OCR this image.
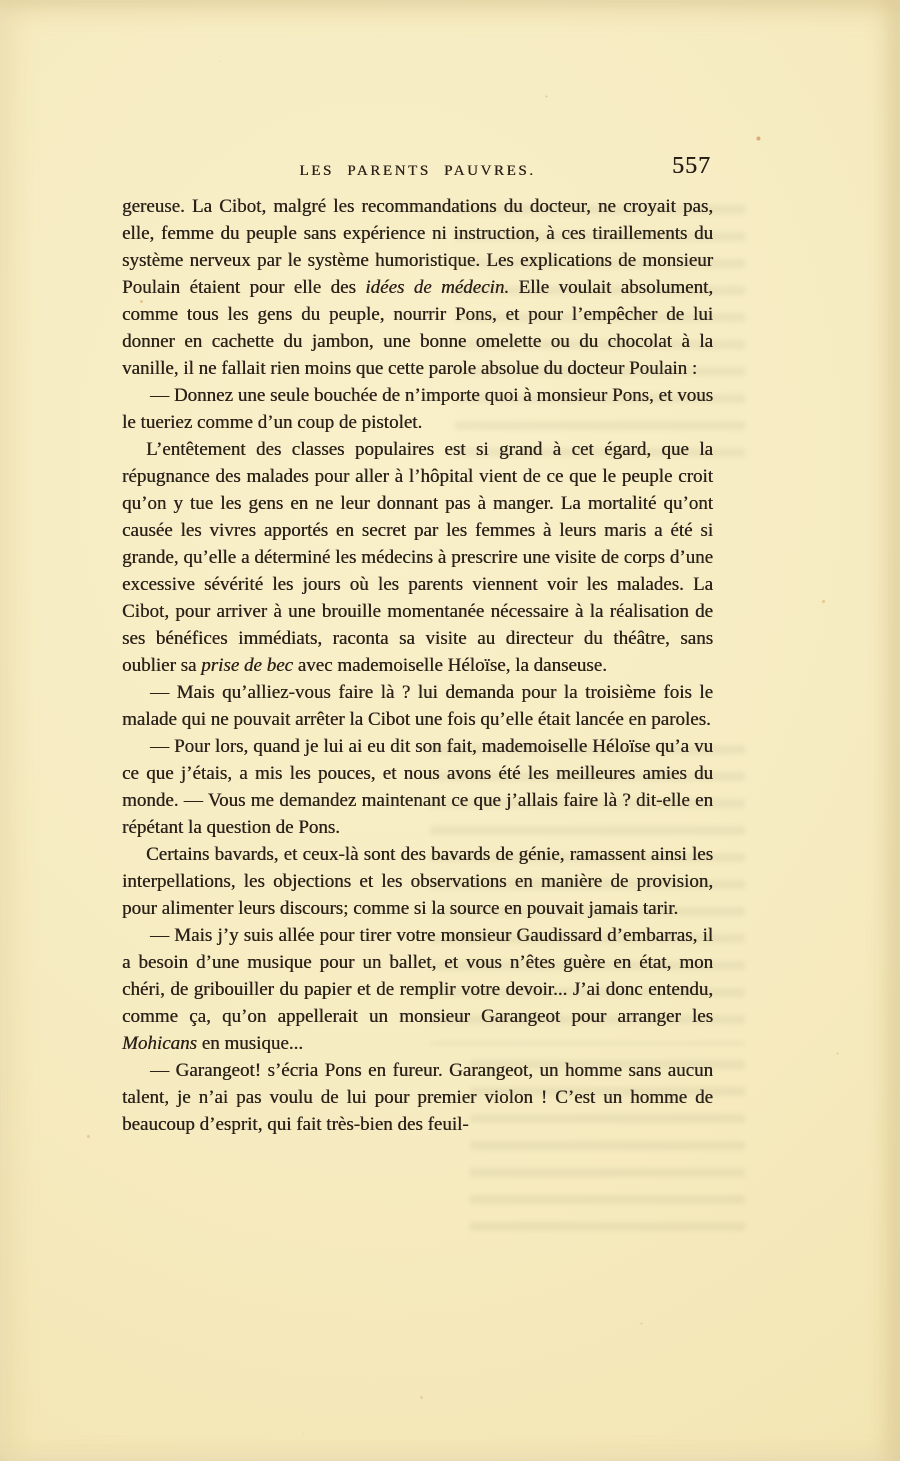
LES PARENTS PAUVRES.	557

gereuse. La Cibot, malgré les recommandations du docteur, ne croyait pas, elle, femme du peuple sans expérience ni instruction, à ces tiraillements du système nerveux par le système humoristique. Les explications de monsieur Poulain étaient pour elle des idées de médecin. Elle voulait absolument, comme tous les gens du peuple, nourrir Pons, et pour l’empêcher de lui donner en cachette du jambon, une bonne omelette ou du chocolat à la vanille, il ne fallait rien moins que cette parole absolue du docteur Poulain :

— Donnez une seule bouchée de n’importe quoi à monsieur Pons, et vous le tueriez comme d’un coup de pistolet.

L’entêtement des classes populaires est si grand à cet égard, que la répugnance des malades pour aller à l’hôpital vient de ce que le peuple croit qu’on y tue les gens en ne leur donnant pas à manger. La mortalité qu’ont causée les vivres apportés en secret par les femmes à leurs maris a été si grande, qu’elle a déterminé les médecins à prescrire une visite de corps d’une excessive sévérité les jours où les parents viennent voir les malades. La Cibot, pour arriver à une brouille momentanée nécessaire à la réalisation de ses bénéfices immédiats, raconta sa visite au directeur du théâtre, sans oublier sa prise de bec avec mademoiselle Héloïse, la danseuse.

— Mais qu’alliez-vous faire là ? lui demanda pour la troisième fois le malade qui ne pouvait arrêter la Cibot une fois qu’elle était lancée en paroles.

— Pour lors, quand je lui ai eu dit son fait, mademoiselle Héloïse qu’a vu ce que j’étais, a mis les pouces, et nous avons été les meilleures amies du monde. — Vous me demandez maintenant ce que j’allais faire là ? dit-elle en répétant la question de Pons.

Certains bavards, et ceux-là sont des bavards de génie, ramassent ainsi les interpellations, les objections et les observations en manière de provision, pour alimenter leurs discours; comme si la source en pouvait jamais tarir.

— Mais j’y suis allée pour tirer votre monsieur Gaudissard d’embarras, il a besoin d’une musique pour un ballet, et vous n’êtes guère en état, mon chéri, de gribouiller du papier et de remplir votre devoir... J’ai donc entendu, comme ça, qu’on appellerait un monsieur Garangeot pour arranger les Mohicans en musique...

— Garangeot! s’écria Pons en fureur. Garangeot, un homme sans aucun talent, je n’ai pas voulu de lui pour premier violon ! C’est un homme de beaucoup d’esprit, qui fait très-bien des feuil-
